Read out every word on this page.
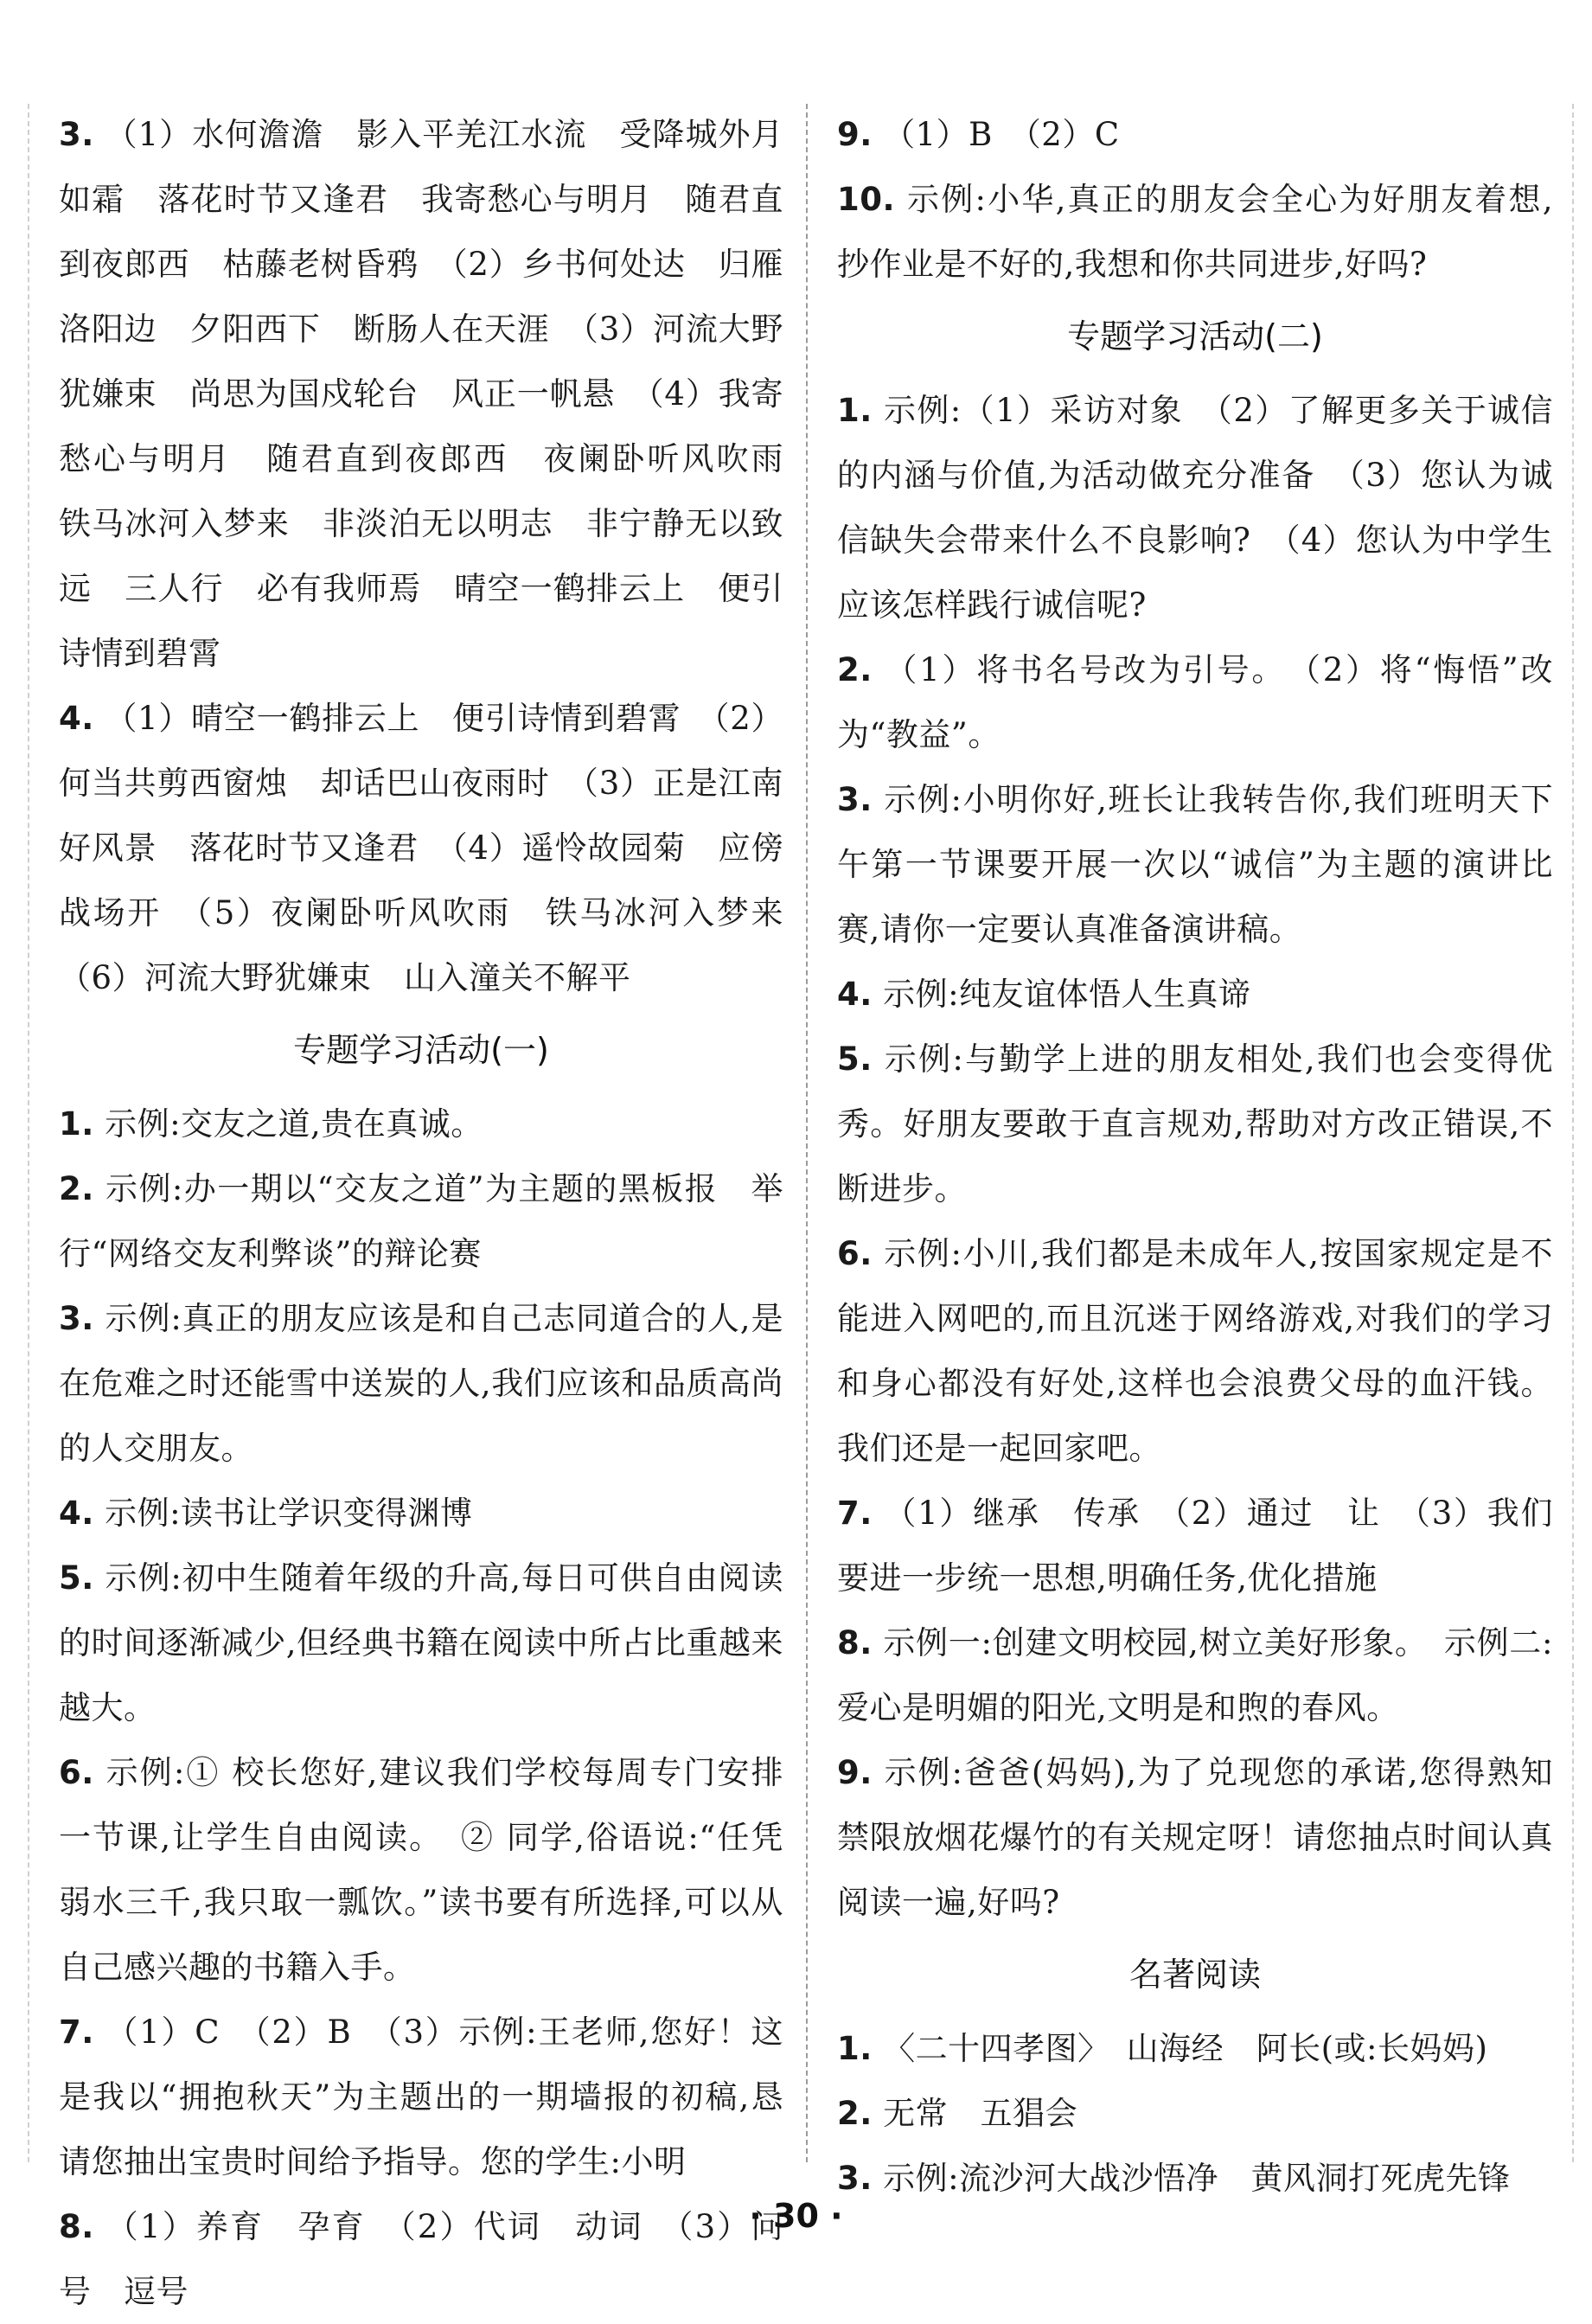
3. （1）水何澹澹　影入平羌江水流　受降城外月如霜　落花时节又逢君　我寄愁心与明月　随君直到夜郎西　枯藤老树昏鸦　（2）乡书何处达　归雁洛阳边　夕阳西下　断肠人在天涯　（3）河流大野犹嫌束　尚思为国戍轮台　风正一帆悬　（4）我寄愁心与明月　随君直到夜郎西　夜阑卧听风吹雨　铁马冰河入梦来　非淡泊无以明志　非宁静无以致远　三人行　必有我师焉　晴空一鹤排云上　便引诗情到碧霄

4. （1）晴空一鹤排云上　便引诗情到碧霄　（2）何当共剪西窗烛　却话巴山夜雨时　（3）正是江南好风景　落花时节又逢君　（4）遥怜故园菊　应傍战场开　（5）夜阑卧听风吹雨　铁马冰河入梦来　（6）河流大野犹嫌束　山入潼关不解平

专题学习活动(一)

1. 示例:交友之道,贵在真诚。

2. 示例:办一期以“交友之道”为主题的黑板报　举行“网络交友利弊谈”的辩论赛

3. 示例:真正的朋友应该是和自己志同道合的人,是在危难之时还能雪中送炭的人,我们应该和品质高尚的人交朋友。

4. 示例:读书让学识变得渊博

5. 示例:初中生随着年级的升高,每日可供自由阅读的时间逐渐减少,但经典书籍在阅读中所占比重越来越大。

6. 示例:① 校长您好,建议我们学校每周专门安排一节课,让学生自由阅读。　② 同学,俗语说:“任凭弱水三千,我只取一瓢饮。”读书要有所选择,可以从自己感兴趣的书籍入手。

7. （1）C　（2）B　（3）示例:王老师,您好！这是我以“拥抱秋天”为主题出的一期墙报的初稿,恳请您抽出宝贵时间给予指导。您的学生:小明

8. （1）养育　孕育　（2）代词　动词　（3）问号　逗号

9. （1）B　（2）C

10. 示例:小华,真正的朋友会全心为好朋友着想,抄作业是不好的,我想和你共同进步,好吗?

专题学习活动(二)

1. 示例:（1）采访对象　（2）了解更多关于诚信的内涵与价值,为活动做充分准备　（3）您认为诚信缺失会带来什么不良影响?　（4）您认为中学生应该怎样践行诚信呢?

2. （1）将书名号改为引号。　（2）将“悔悟”改为“教益”。

3. 示例:小明你好,班长让我转告你,我们班明天下午第一节课要开展一次以“诚信”为主题的演讲比赛,请你一定要认真准备演讲稿。

4. 示例:纯友谊体悟人生真谛

5. 示例:与勤学上进的朋友相处,我们也会变得优秀。好朋友要敢于直言规劝,帮助对方改正错误,不断进步。

6. 示例:小川,我们都是未成年人,按国家规定是不能进入网吧的,而且沉迷于网络游戏,对我们的学习和身心都没有好处,这样也会浪费父母的血汗钱。我们还是一起回家吧。

7. （1）继承　传承　（2）通过　让　（3）我们要进一步统一思想,明确任务,优化措施

8. 示例一:创建文明校园,树立美好形象。　示例二:爱心是明媚的阳光,文明是和煦的春风。

9. 示例:爸爸(妈妈),为了兑现您的承诺,您得熟知禁限放烟花爆竹的有关规定呀！请您抽点时间认真阅读一遍,好吗?

名著阅读

1. 〈二十四孝图〉　山海经　阿长(或:长妈妈)

2. 无常　五猖会

3. 示例:流沙河大战沙悟净　黄风洞打死虎先锋

· 30 ·
